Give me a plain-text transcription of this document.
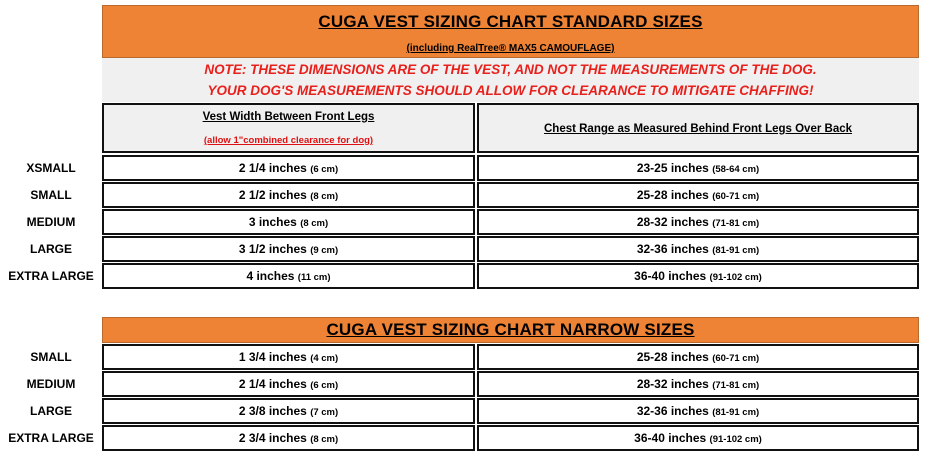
CUGA VEST SIZING CHART STANDARD SIZES
(including RealTree® MAX5 CAMOUFLAGE)
NOTE: THESE DIMENSIONS ARE OF THE VEST, AND NOT THE MEASUREMENTS OF THE DOG.
YOUR DOG'S MEASUREMENTS SHOULD ALLOW FOR CLEARANCE TO MITIGATE CHAFFING!
Vest Width Between Front Legs
(allow 1"combined clearance for dog)
Chest Range as Measured Behind Front Legs Over Back
XSMALL	2 1/4 inches (6 cm)	23-25 inches (58-64 cm)
SMALL	2 1/2 inches (8 cm)	25-28 inches (60-71 cm)
MEDIUM	3 inches (8 cm)	28-32 inches (71-81 cm)
LARGE	3 1/2 inches (9 cm)	32-36 inches (81-91 cm)
EXTRA LARGE	4 inches (11 cm)	36-40 inches (91-102 cm)
CUGA VEST SIZING CHART NARROW SIZES
SMALL	1 3/4 inches (4 cm)	25-28 inches (60-71 cm)
MEDIUM	2 1/4 inches (6 cm)	28-32 inches (71-81 cm)
LARGE	2 3/8 inches (7 cm)	32-36 inches (81-91 cm)
EXTRA LARGE	2 3/4 inches (8 cm)	36-40 inches (91-102 cm)
